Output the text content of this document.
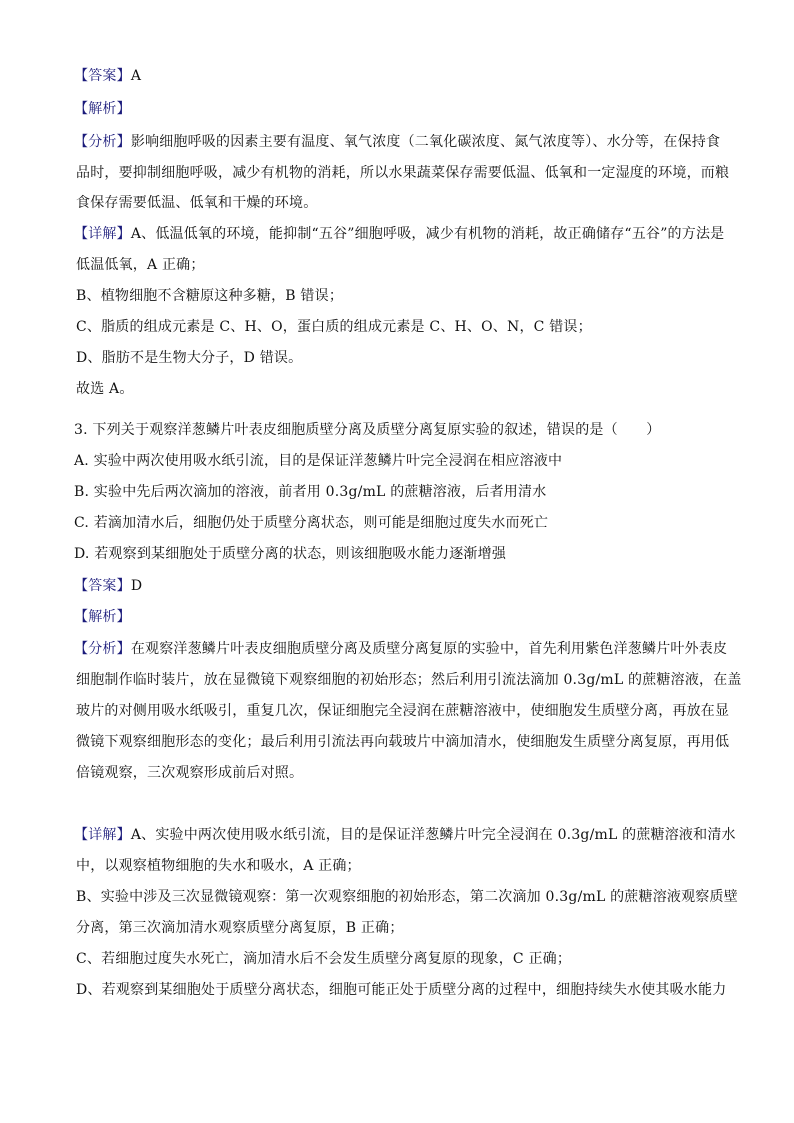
【答案】A
【解析】
【分析】影响细胞呼吸的因素主要有温度、氧气浓度（二氧化碳浓度、氮气浓度等）、水分等，在保持食
品时，要抑制细胞呼吸，减少有机物的消耗，所以水果蔬菜保存需要低温、低氧和一定湿度的环境，而粮
食保存需要低温、低氧和干燥的环境。
【详解】A、低温低氧的环境，能抑制“五谷”细胞呼吸，减少有机物的消耗，故正确储存“五谷”的方法是
低温低氧，A 正确；
B、植物细胞不含糖原这种多糖，B 错误；
C、脂质的组成元素是 C、H、O，蛋白质的组成元素是 C、H、O、N，C 错误；
D、脂肪不是生物大分子，D 错误。
故选 A。
3. 下列关于观察洋葱鳞片叶表皮细胞质壁分离及质壁分离复原实验的叙述，错误的是（　　）
A. 实验中两次使用吸水纸引流，目的是保证洋葱鳞片叶完全浸润在相应溶液中
B. 实验中先后两次滴加的溶液，前者用 0.3g/mL 的蔗糖溶液，后者用清水
C. 若滴加清水后，细胞仍处于质壁分离状态，则可能是细胞过度失水而死亡
D. 若观察到某细胞处于质壁分离的状态，则该细胞吸水能力逐渐增强
【答案】D
【解析】
【分析】在观察洋葱鳞片叶表皮细胞质壁分离及质壁分离复原的实验中，首先利用紫色洋葱鳞片叶外表皮
细胞制作临时装片，放在显微镜下观察细胞的初始形态；然后利用引流法滴加 0.3g/mL 的蔗糖溶液，在盖
玻片的对侧用吸水纸吸引，重复几次，保证细胞完全浸润在蔗糖溶液中，使细胞发生质壁分离，再放在显
微镜下观察细胞形态的变化；最后利用引流法再向载玻片中滴加清水，使细胞发生质壁分离复原，再用低
倍镜观察，三次观察形成前后对照。
【详解】A、实验中两次使用吸水纸引流，目的是保证洋葱鳞片叶完全浸润在 0.3g/mL 的蔗糖溶液和清水
中，以观察植物细胞的失水和吸水，A 正确；
B、实验中涉及三次显微镜观察：第一次观察细胞的初始形态，第二次滴加 0.3g/mL 的蔗糖溶液观察质壁
分离，第三次滴加清水观察质壁分离复原，B 正确；
C、若细胞过度失水死亡，滴加清水后不会发生质壁分离复原的现象，C 正确；
D、若观察到某细胞处于质壁分离状态，细胞可能正处于质壁分离的过程中，细胞持续失水使其吸水能力
